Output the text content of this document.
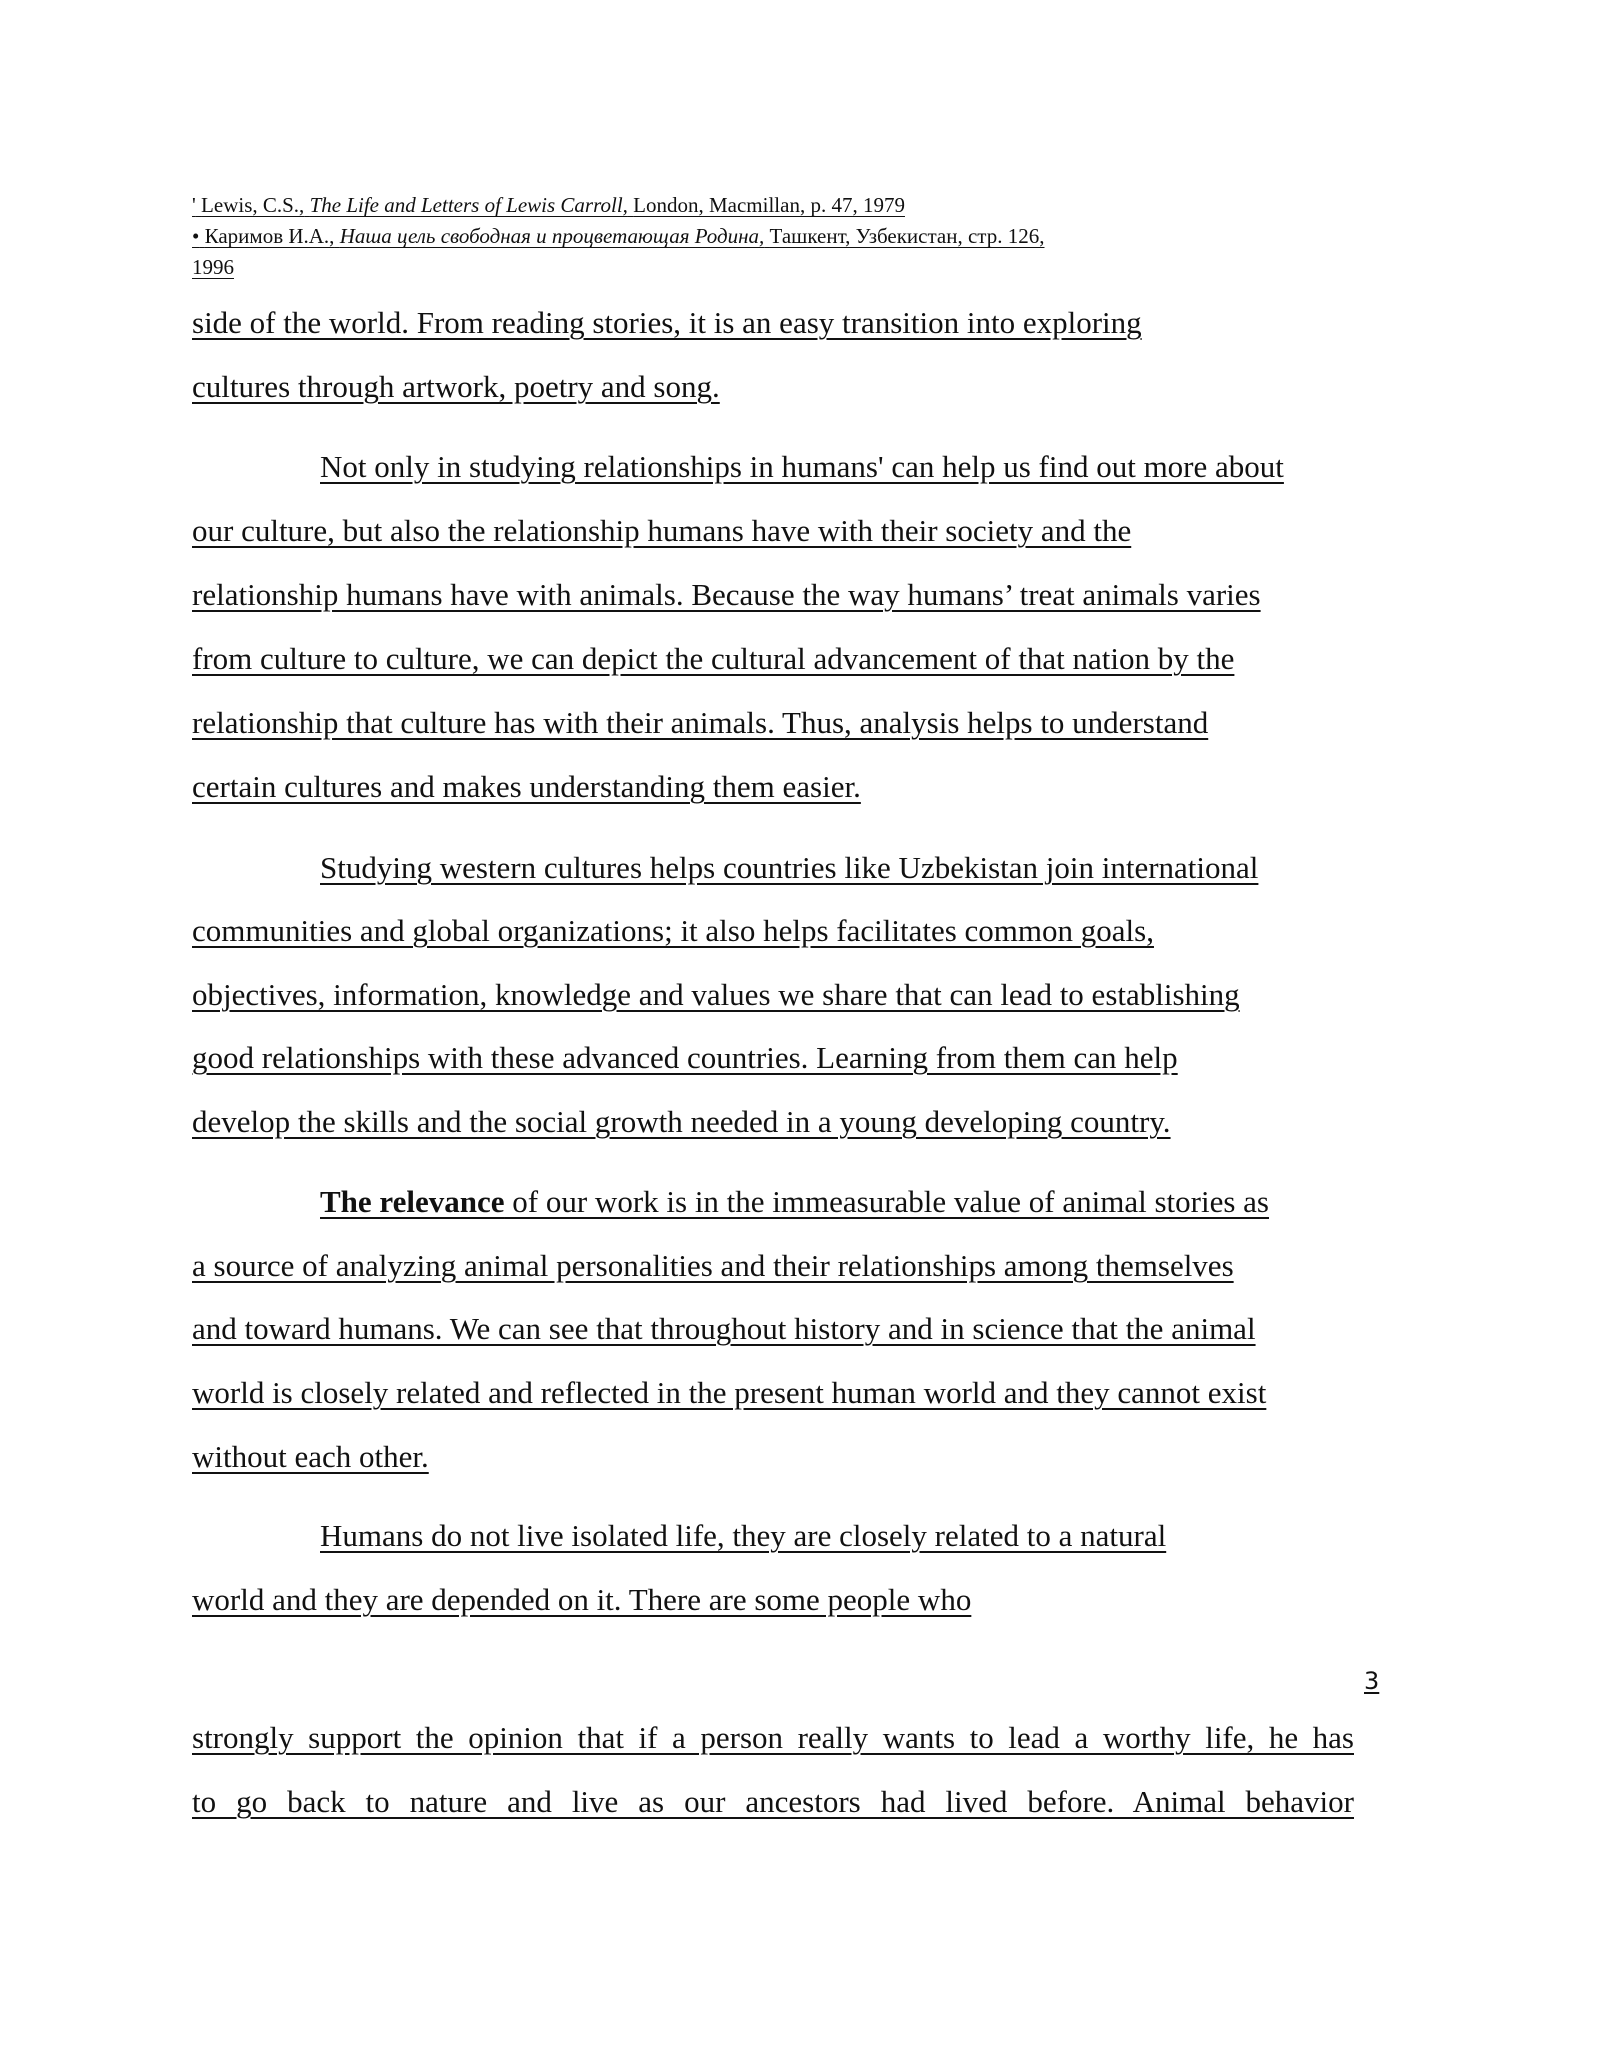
' Lewis, C.S., The Life and Letters of Lewis Carroll, London, Macmillan, p. 47, 1979
• Каримов И.А., Наша цель свободная и процветающая Родина, Ташкент, Узбекистан, стр. 126,
1996
side of the world. From reading stories, it is an easy transition into exploring
cultures through artwork, poetry and song.
Not only in studying relationships in humans' can help us find out more about
our culture, but also the relationship humans have with their society and the
relationship humans have with animals. Because the way humans’ treat animals varies
from culture to culture, we can depict the cultural advancement of that nation by the
relationship that culture has with their animals. Thus, analysis helps to understand
certain cultures and makes understanding them easier.
Studying western cultures helps countries like Uzbekistan join international
communities and global organizations; it also helps facilitates common goals,
objectives, information, knowledge and values we share that can lead to establishing
good relationships with these advanced countries. Learning from them can help
develop the skills and the social growth needed in a young developing country.
The relevance of our work is in the immeasurable value of animal stories as
a source of analyzing animal personalities and their relationships among themselves
and toward humans. We can see that throughout history and in science that the animal
world is closely related and reflected in the present human world and they cannot exist
without each other.
Humans do not live isolated life, they are closely related to a natural
world and they are depended on it. There are some people who
3
strongly support the opinion that if a person really wants to lead a worthy life, he has
to go back to nature and live as our ancestors had lived before. Animal behavior
